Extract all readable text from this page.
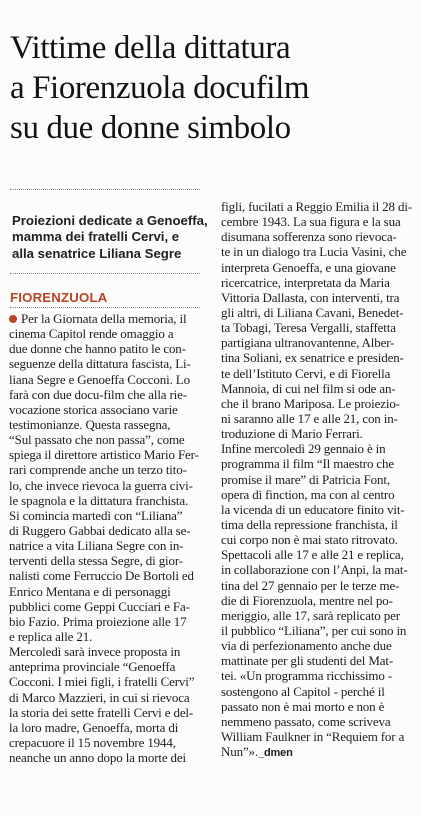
Vittime della dittatura
a Fiorenzuola docufilm
su due donne simbolo
Proiezioni dedicate a Genoeffa,
mamma dei fratelli Cervi, e
alla senatrice Liliana Segre
FIORENZUOLA
Per la Giornata della memoria, il
cinema Capitol rende omaggio a
due donne che hanno patito le con-
seguenze della dittatura fascista, Li-
liana Segre e Genoeffa Cocconi. Lo
farà con due docu-film che alla rie-
vocazione storica associano varie
testimonianze. Questa rassegna,
“Sul passato che non passa”, come
spiega il direttore artistico Mario Fer-
rari comprende anche un terzo tito-
lo, che invece rievoca la guerra civi-
le spagnola e la dittatura franchista.
Si comincia martedì con “Liliana”
di Ruggero Gabbai dedicato alla se-
natrice a vita Liliana Segre con in-
terventi della stessa Segre, di gior-
nalisti come Ferruccio De Bortoli ed
Enrico Mentana e di personaggi
pubblici come Geppi Cucciari e Fa-
bio Fazio. Prima proiezione alle 17
e replica alle 21.
Mercoledì sarà invece proposta in
anteprima provinciale “Genoeffa
Cocconi. I miei figli, i fratelli Cervi”
di Marco Mazzieri, in cui si rievoca
la storia dei sette fratelli Cervi e del-
la loro madre, Genoeffa, morta di
crepacuore il 15 novembre 1944,
neanche un anno dopo la morte dei
figli, fucilati a Reggio Emilia il 28 di-
cembre 1943. La sua figura e la sua
disumana sofferenza sono rievoca-
te in un dialogo tra Lucia Vasini, che
interpreta Genoeffa, e una giovane
ricercatrice, interpretata da Maria
Vittoria Dallasta, con interventi, tra
gli altri, di Liliana Cavani, Benedet-
ta Tobagi, Teresa Vergalli, staffetta
partigiana ultranovantenne, Alber-
tina Soliani, ex senatrice e presiden-
te dell’Istituto Cervi, e di Fiorella
Mannoia, di cui nel film si ode an-
che il brano Mariposa. Le proiezio-
ni saranno alle 17 e alle 21, con in-
troduzione di Mario Ferrari.
Infine mercoledì 29 gennaio è in
programma il film “Il maestro che
promise il mare” di Patricia Font,
opera di finction, ma con al centro
la vicenda di un educatore finito vit-
tima della repressione franchista, il
cui corpo non è mai stato ritrovato.
Spettacoli alle 17 e alle 21 e replica,
in collaborazione con l’Anpi, la mat-
tina del 27 gennaio per le terze me-
die di Fiorenzuola, mentre nel po-
meriggio, alle 17, sarà replicato per
il pubblico “Liliana”, per cui sono in
via di perfezionamento anche due
mattinate per gli studenti del Mat-
tei. «Un programma ricchissimo -
sostengono al Capitol - perché il
passato non è mai morto e non è
nemmeno passato, come scriveva
William Faulkner in “Requiem for a
Nun”»._dmen
